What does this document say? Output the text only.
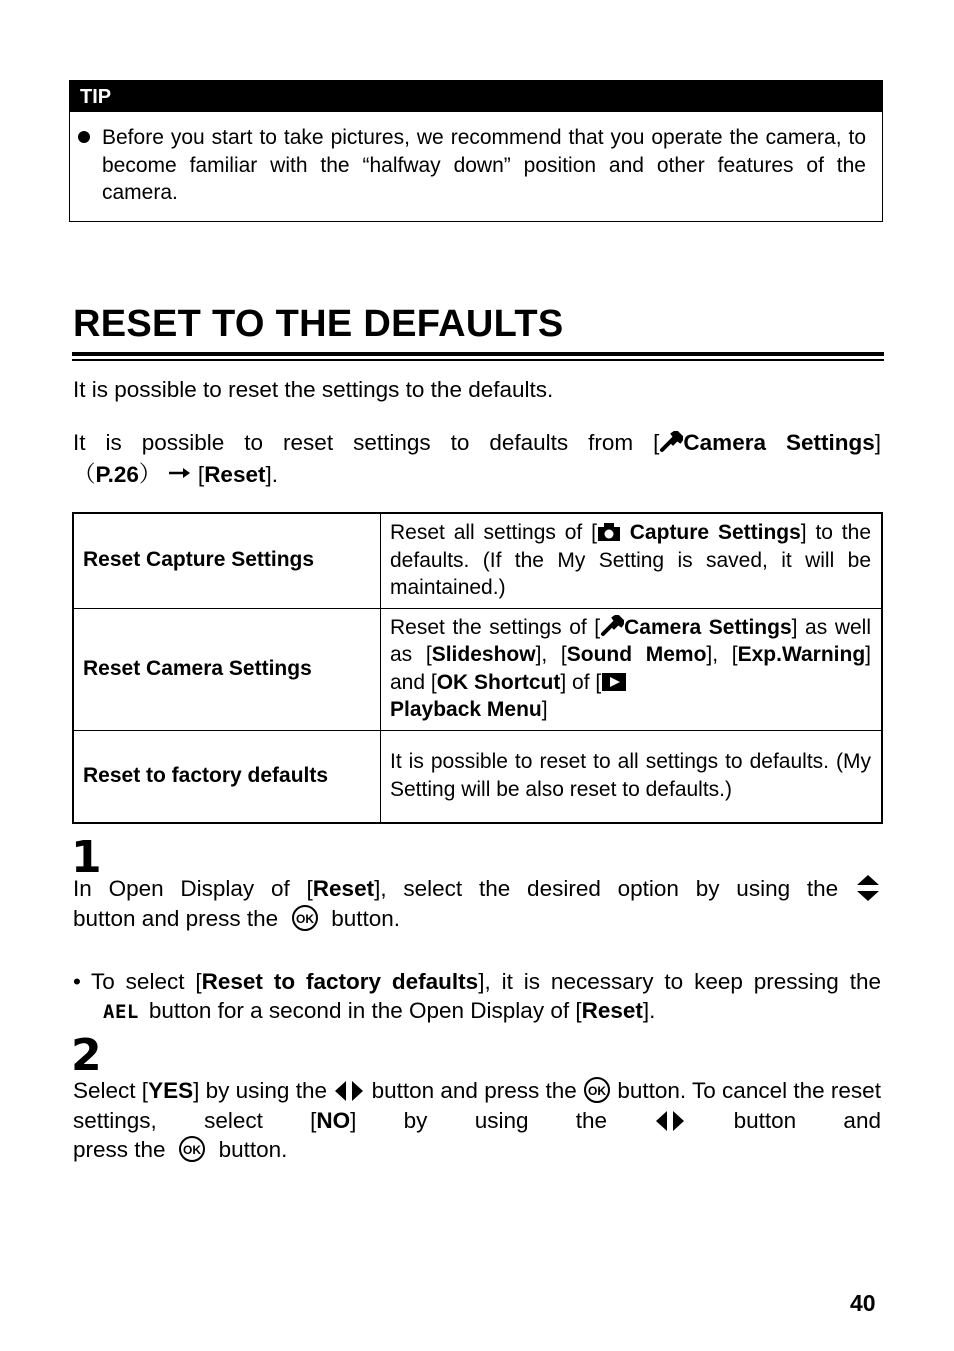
TIP
Before you start to take pictures, we recommend that you operate the camera, to become familiar with the “halfway down” position and other features of the camera.
RESET TO THE DEFAULTS
It is possible to reset the settings to the defaults.
It is possible to reset settings to defaults from [ Camera Settings]
（P.26）  [Reset].
Reset Capture Settings	Reset all settings of [ Capture Settings] to the defaults. (If the My Setting is saved, it will be maintained.)
Reset Camera Settings	Reset the settings of [ Camera Settings] as well as [Slideshow], [Sound Memo], [Exp.Warning] and [OK Shortcut] of [
Playback Menu]
Reset to factory defaults	It is possible to reset to all settings to defaults. (My Setting will be also reset to defaults.)
1
In Open Display of [Reset], select the desired option by using the
button and press the OK button.
• To select [Reset to factory defaults], it is necessary to keep pressing the
AEL button for a second in the Open Display of [Reset].
2
Select [YES] by using the button and press the OK button. To cancel the reset settings, select [NO] by using the	button and
press the OK button.
40
